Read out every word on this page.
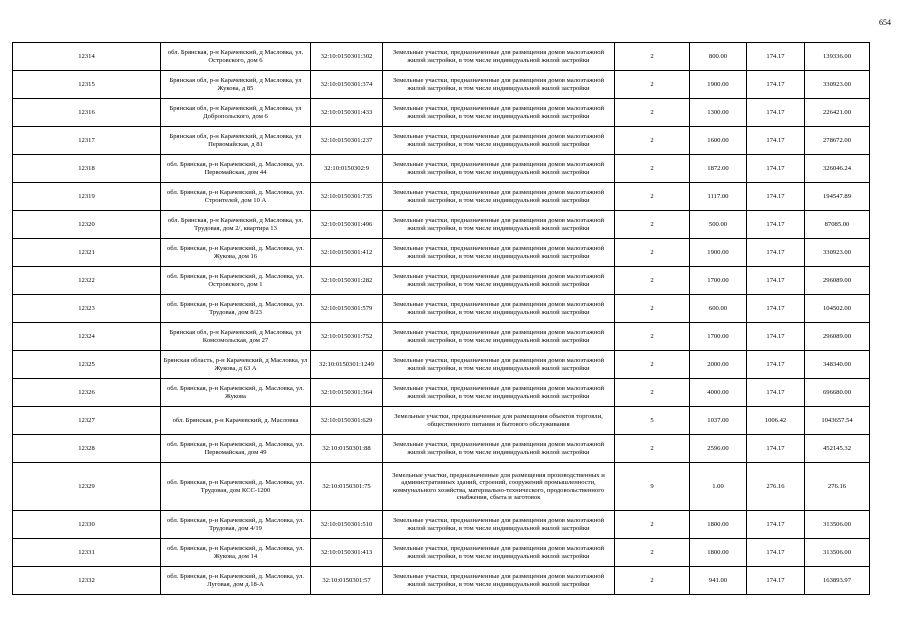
654
12314	обл. Брянская, р-н Карачевский, д Масловка, ул. Островского, дом 6	32:10:0150301:302	Земельные участки, предназначенные для размещения домов малоэтажной жилой застройки, в том числе индивидуальной жилой застройки	2	800.00	174.17	139336.00
12315	Брянская обл, р-н Карачевский, д Масловка, ул Жукова, д 85	32:10:0150301:374	Земельные участки, предназначенные для размещения домов малоэтажной жилой застройки, в том числе индивидуальной жилой застройки	2	1900.00	174.17	330923.00
12316	Брянская обл, р-н Карачевский, д Масловка, ул Добропольского, дом 6	32:10:0150301:433	Земельные участки, предназначенные для размещения домов малоэтажной жилой застройки, в том числе индивидуальной жилой застройки	2	1300.00	174.17	226421.00
12317	Брянская обл, р-н Карачевский, д Масловка, ул Первомайская, д 81	32:10:0150301:237	Земельные участки, предназначенные для размещения домов малоэтажной жилой застройки, в том числе индивидуальной жилой застройки	2	1600.00	174.17	278672.00
12318	обл. Брянская, р-н Карачевский, д. Масловка, ул. Первомайская, дом 44	32:10:0150302:9	Земельные участки, предназначенные для размещения домов малоэтажной жилой застройки, в том числе индивидуальной жилой застройки	2	1872.00	174.17	326046.24
12319	обл. Брянская, р-н Карачевский, д. Масловка, ул. Строителей, дом 10 А	32:10:0150301:735	Земельные участки, предназначенные для размещения домов малоэтажной жилой застройки, в том числе индивидуальной жилой застройки	2	1117.00	174.17	194547.89
12320	обл. Брянская, р-н Карачевский, д Масловка, ул. Трудовая, дом 2/, квартира 13	32:10:0150301:496	Земельные участки, предназначенные для размещения домов малоэтажной жилой застройки, в том числе индивидуальной жилой застройки	2	500.00	174.17	87085.00
12321	обл. Брянская, р-н Карачевский, д. Масловка, ул. Жукова, дом 16	32:10:0150301:412	Земельные участки, предназначенные для размещения домов малоэтажной жилой застройки, в том числе индивидуальной жилой застройки	2	1900.00	174.17	330923.00
12322	обл. Брянская, р-н Карачевский, д. Масловка, ул. Островского, дом 1	32:10:0150301:282	Земельные участки, предназначенные для размещения домов малоэтажной жилой застройки, в том числе индивидуальной жилой застройки	2	1700.00	174.17	296089.00
12323	обл. Брянская, р-н Карачевский, д. Масловка, ул. Трудовая, дом 8/23	32:10:0150301:579	Земельные участки, предназначенные для размещения домов малоэтажной жилой застройки, в том числе индивидуальной жилой застройки	2	600.00	174.17	104502.00
12324	Брянская обл, р-н Карачевский, д Масловка, ул Комсомольская, дом 27	32:10:0150301:752	Земельные участки, предназначенные для размещения домов малоэтажной жилой застройки, в том числе индивидуальной жилой застройки	2	1700.00	174.17	296089.00
12325	Брянская область, р-н Карачевский, д Масловка, ул Жукова, д 63 А	32:10:0150301:1249	Земельные участки, предназначенные для размещения домов малоэтажной жилой застройки, в том числе индивидуальной жилой застройки	2	2000.00	174.17	348340.00
12326	обл. Брянская, р-н Карачевский, д. Масловка, ул. Жукова	32:10:0150301:364	Земельные участки, предназначенные для размещения домов малоэтажной жилой застройки, в том числе индивидуальной жилой застройки	2	4000.00	174.17	696680.00
12327	обл. Брянская, р-н Карачевский, д. Масловка	32:10:0150301:629	Земельные участки, предназначенные для размещения объектов торговли, общественного питания и бытового обслуживания	5	1037.00	1006.42	1043657.54
12328	обл. Брянская, р-н Карачевский, д. Масловка, ул. Первомайская, дом 49	32:10:0150301:88	Земельные участки, предназначенные для размещения домов малоэтажной жилой застройки, в том числе индивидуальной жилой застройки	2	2596.00	174.17	452145.32
12329	обл. Брянская, р-н Карачевский, д. Масловка, ул. Трудовая, дом КСС-1200	32:10:0150301:75	Земельные участки, предназначенные для размещения производственных и административных зданий, строений, сооружений промышленности, коммунального хозяйства, материально-технического, продовольственного снабжения, сбыта и заготовок	9	1.00	276.16	276.16
12330	обл. Брянская, р-н Карачевский, д. Масловка, ул. Трудовая, дом 4/19	32:10:0150301:510	Земельные участки, предназначенные для размещения домов малоэтажной жилой застройки, в том числе индивидуальной жилой застройки	2	1800.00	174.17	313506.00
12331	обл. Брянская, р-н Карачевский, д. Масловка, ул. Жукова, дом 14	32:10:0150301:413	Земельные участки, предназначенные для размещения домов малоэтажной жилой застройки, в том числе индивидуальной жилой застройки	2	1800.00	174.17	313506.00
12332	обл. Брянская, р-н Карачевский, д. Масловка, ул. Луговая, дом д.18-А	32:10:0150301:57	Земельные участки, предназначенные для размещения домов малоэтажной жилой застройки, в том числе индивидуальной жилой застройки	2	941.00	174.17	163893.97
